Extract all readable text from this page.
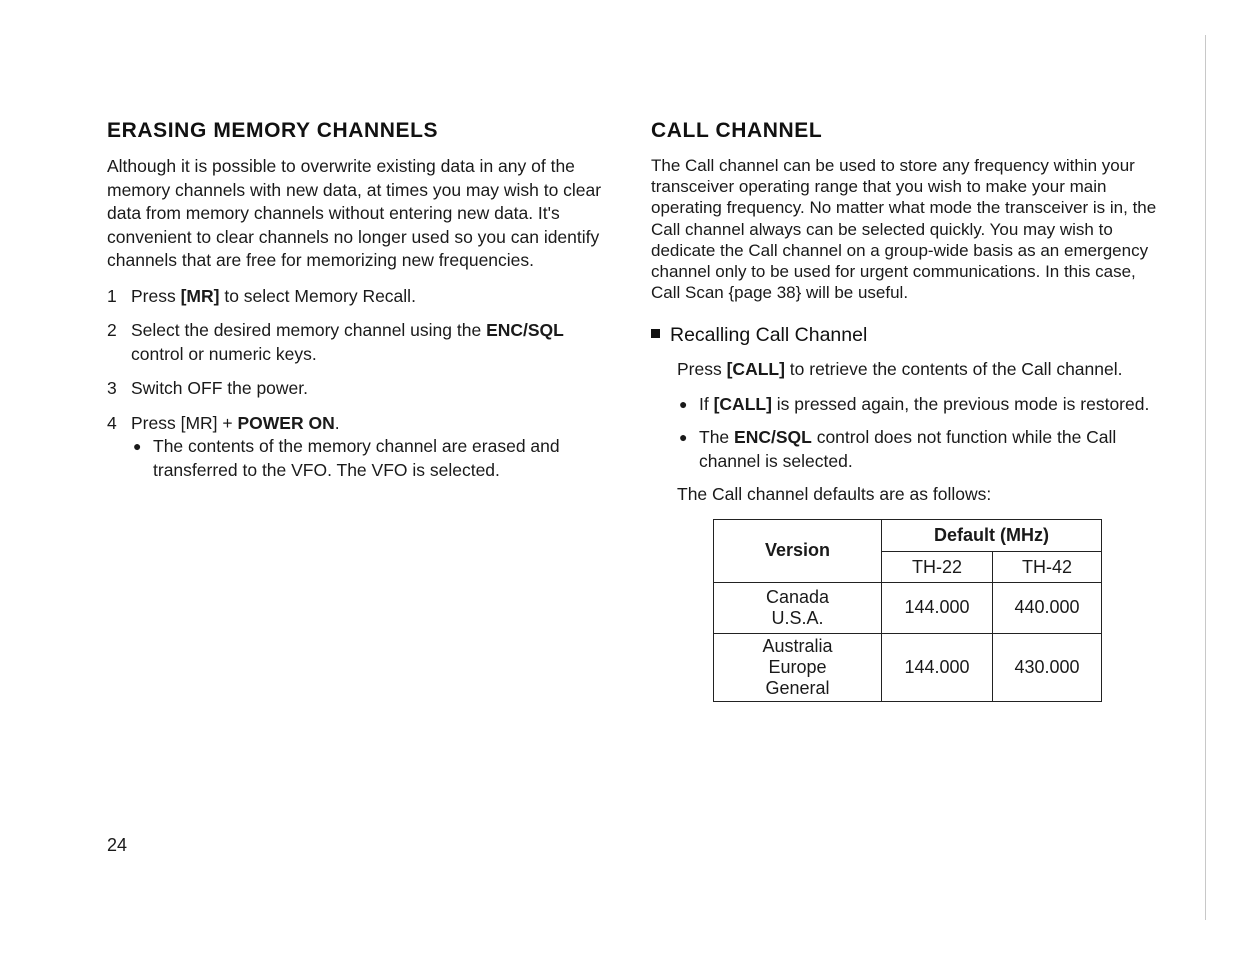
ERASING MEMORY CHANNELS

Although it is possible to overwrite existing data in any of the memory channels with new data, at times you may wish to clear data from memory channels without entering new data. It's convenient to clear channels no longer used so you can identify channels that are free for memorizing new frequencies.

1 Press [MR] to select Memory Recall.
2 Select the desired memory channel using the ENC/SQL control or numeric keys.
3 Switch OFF the power.
4 Press [MR] + POWER ON.
● The contents of the memory channel are erased and transferred to the VFO. The VFO is selected.
CALL CHANNEL

The Call channel can be used to store any frequency within your transceiver operating range that you wish to make your main operating frequency. No matter what mode the transceiver is in, the Call channel always can be selected quickly. You may wish to dedicate the Call channel on a group-wide basis as an emergency channel only to be used for urgent communications. In this case, Call Scan {page 38} will be useful.

Recalling Call Channel

Press [CALL] to retrieve the contents of the Call channel.

● If [CALL] is pressed again, the previous mode is restored.
● The ENC/SQL control does not function while the Call channel is selected.

The Call channel defaults are as follows:

Version	Default (MHz)	
	TH-22	TH-42

Canada
U.S.A.	144.000	440.000

Australia
Europe
General	144.000	430.000
24
